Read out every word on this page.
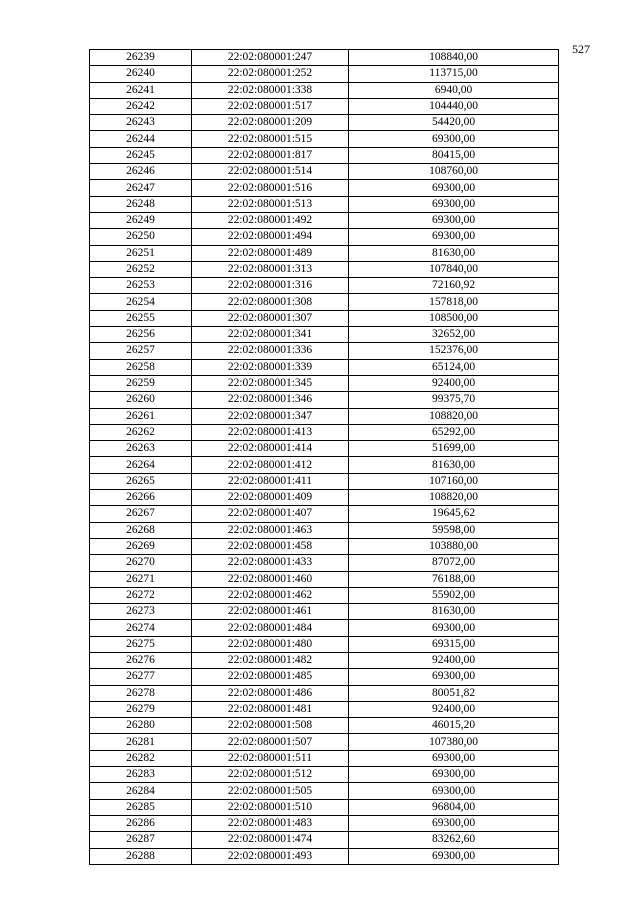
527
26239	22:02:080001:247	108840,00
26240	22:02:080001:252	113715,00
26241	22:02:080001:338	6940,00
26242	22:02:080001:517	104440,00
26243	22:02:080001:209	54420,00
26244	22:02:080001:515	69300,00
26245	22:02:080001:817	80415,00
26246	22:02:080001:514	108760,00
26247	22:02:080001:516	69300,00
26248	22:02:080001:513	69300,00
26249	22:02:080001:492	69300,00
26250	22:02:080001:494	69300,00
26251	22:02:080001:489	81630,00
26252	22:02:080001:313	107840,00
26253	22:02:080001:316	72160,92
26254	22:02:080001:308	157818,00
26255	22:02:080001:307	108500,00
26256	22:02:080001:341	32652,00
26257	22:02:080001:336	152376,00
26258	22:02:080001:339	65124,00
26259	22:02:080001:345	92400,00
26260	22:02:080001:346	99375,70
26261	22:02:080001:347	108820,00
26262	22:02:080001:413	65292,00
26263	22:02:080001:414	51699,00
26264	22:02:080001:412	81630,00
26265	22:02:080001:411	107160,00
26266	22:02:080001:409	108820,00
26267	22:02:080001:407	19645,62
26268	22:02:080001:463	59598,00
26269	22:02:080001:458	103880,00
26270	22:02:080001:433	87072,00
26271	22:02:080001:460	76188,00
26272	22:02:080001:462	55902,00
26273	22:02:080001:461	81630,00
26274	22:02:080001:484	69300,00
26275	22:02:080001:480	69315,00
26276	22:02:080001:482	92400,00
26277	22:02:080001:485	69300,00
26278	22:02:080001:486	80051,82
26279	22:02:080001:481	92400,00
26280	22:02:080001:508	46015,20
26281	22:02:080001:507	107380,00
26282	22:02:080001:511	69300,00
26283	22:02:080001:512	69300,00
26284	22:02:080001:505	69300,00
26285	22:02:080001:510	96804,00
26286	22:02:080001:483	69300,00
26287	22:02:080001:474	83262,60
26288	22:02:080001:493	69300,00
